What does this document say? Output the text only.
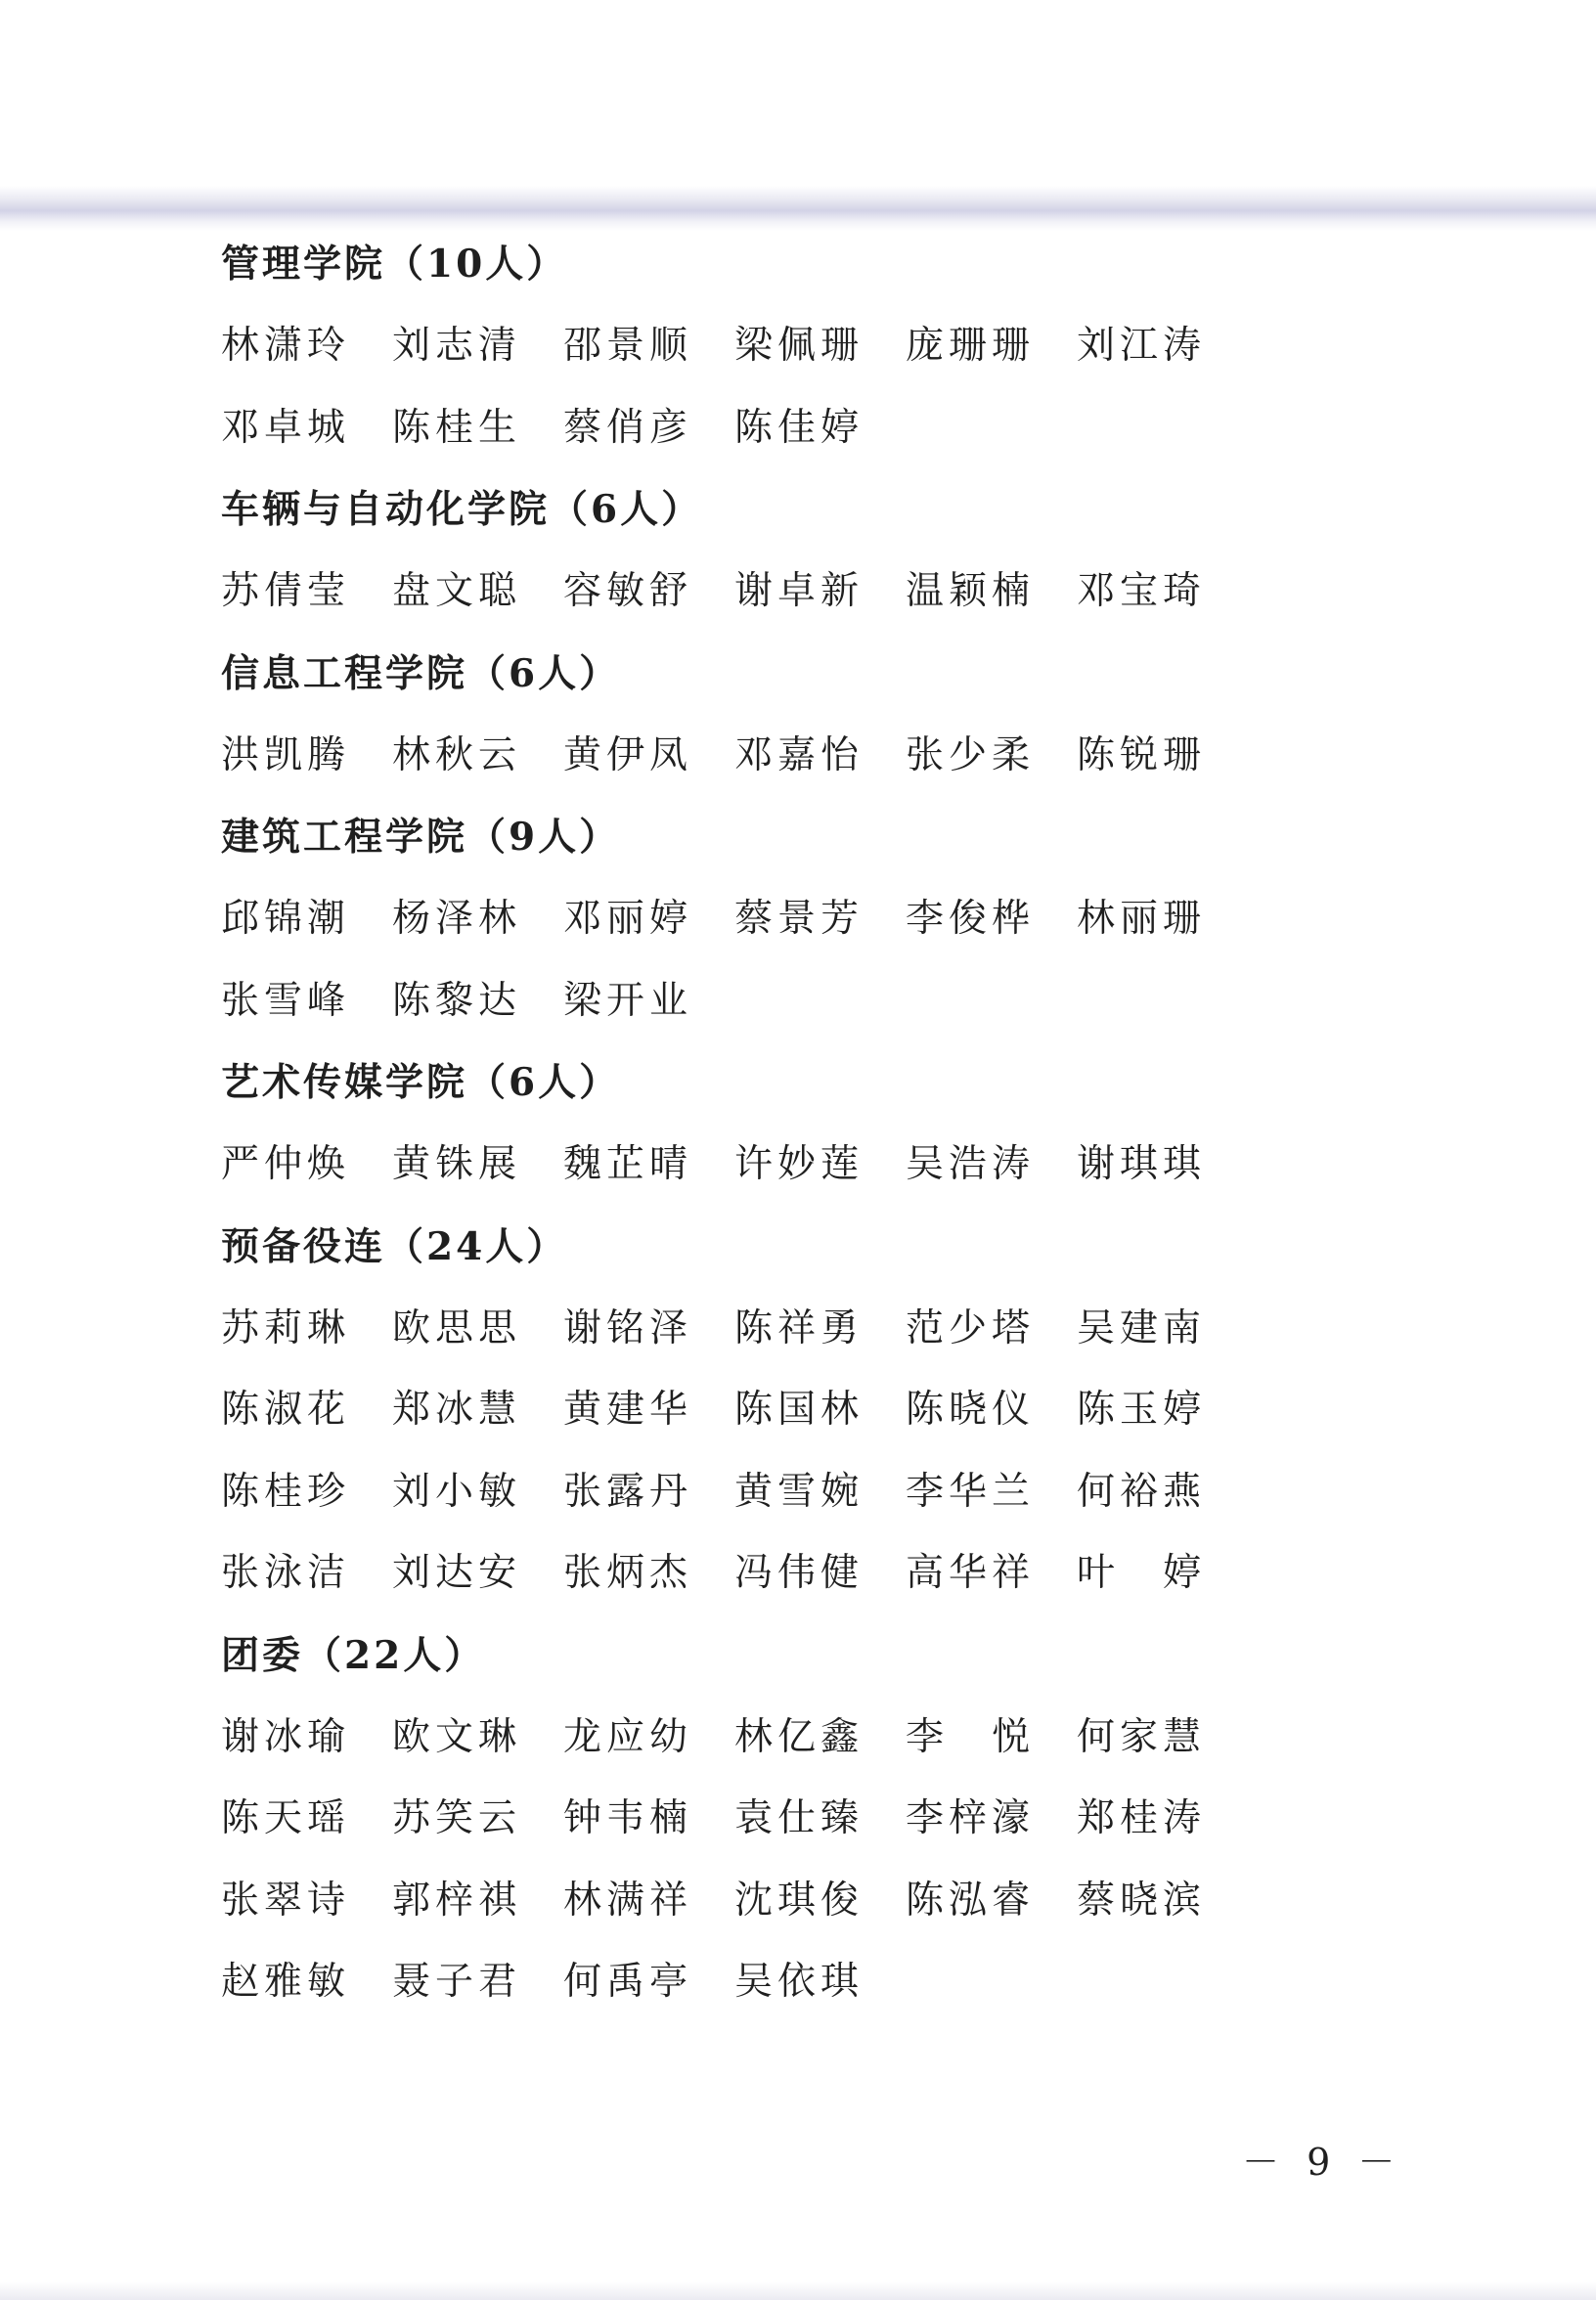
管理学院（10人）
林潇玲 刘志清 邵景顺 梁佩珊 庞珊珊 刘江涛
邓卓城 陈桂生 蔡俏彦 陈佳婷
车辆与自动化学院（6人）
苏倩莹 盘文聪 容敏舒 谢卓新 温颖楠 邓宝琦
信息工程学院（6人）
洪凯腾 林秋云 黄伊凤 邓嘉怡 张少柔 陈锐珊
建筑工程学院（9人）
邱锦潮 杨泽林 邓丽婷 蔡景芳 李俊桦 林丽珊
张雪峰 陈黎达 梁开业
艺术传媒学院（6人）
严仲焕 黄铢展 魏芷晴 许妙莲 吴浩涛 谢琪琪
预备役连（24人）
苏莉琳 欧思思 谢铭泽 陈祥勇 范少塔 吴建南
陈淑花 郑冰慧 黄建华 陈国林 陈晓仪 陈玉婷
陈桂珍 刘小敏 张露丹 黄雪婉 李华兰 何裕燕
张泳洁 刘达安 张炳杰 冯伟健 高华祥 叶　婷
团委（22人）
谢冰瑜 欧文琳 龙应幼 林亿鑫 李　悦 何家慧
陈天瑶 苏笑云 钟韦楠 袁仕臻 李梓濠 郑桂涛
张翠诗 郭梓祺 林满祥 沈琪俊 陈泓睿 蔡晓滨
赵雅敏 聂子君 何禹亭 吴依琪
－ 9 －
